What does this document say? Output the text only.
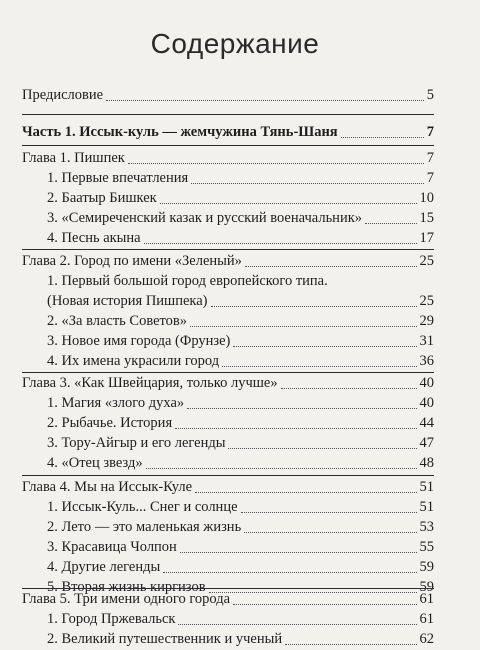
Содержание
Предисловие	5
Часть 1. Иссык-куль — жемчужина Тянь-Шаня	7
Глава 1. Пишпек	7
1. Первые впечатления	7
2. Баатыр Бишкек	10
3. «Семиреченский казак и русский военачальник»	15
4. Песнь акына	17
Глава 2. Город по имени «Зеленый»	25
1. Первый большой город европейского типа.
(Новая история Пишпека)	25
2. «За власть Советов»	29
3. Новое имя города (Фрунзе)	31
4. Их имена украсили город	36
Глава 3. «Как Швейцария, только лучше»	40
1. Магия «злого духа»	40
2. Рыбачье. История	44
3. Тору-Айгыр и его легенды	47
4. «Отец звезд»	48
Глава 4. Мы на Иссык-Куле	51
1. Иссык-Куль... Снег и солнце	51
2. Лето — это маленькая жизнь	53
3. Красавица Чолпон	55
4. Другие легенды	59
5. Вторая жизнь киргизов	59
Глава 5. Три имени одного города	61
1. Город Пржевальск	61
2. Великий путешественник и ученый	62
